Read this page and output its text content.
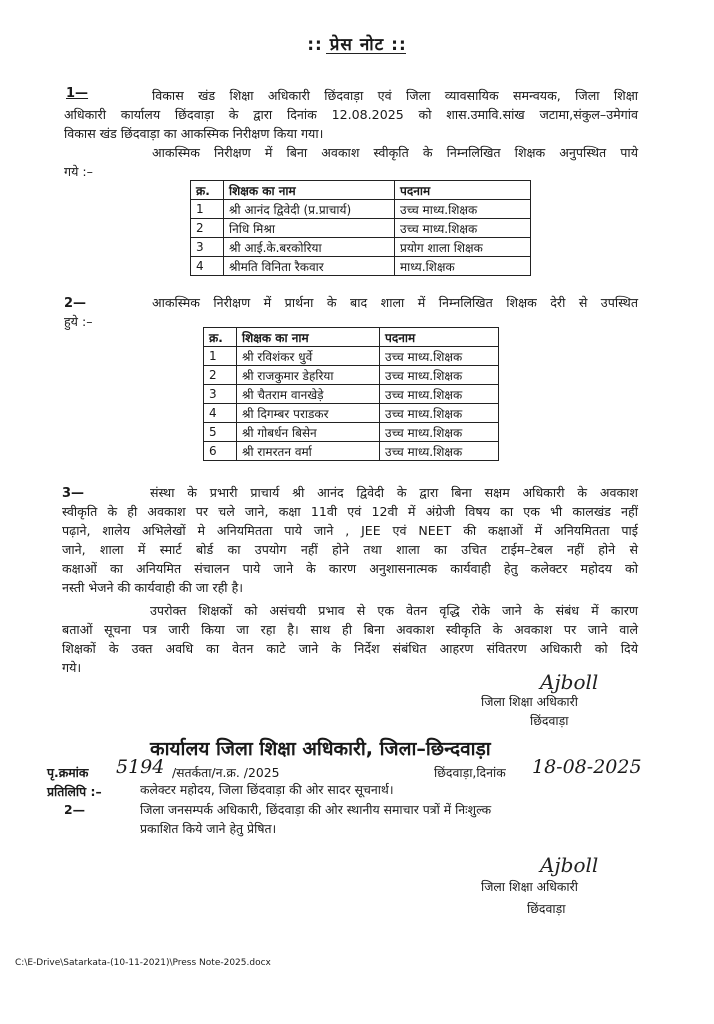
:: प्रेस नोट ::
1—	विकास खंड शिक्षा अधिकारी छिंदवाड़ा एवं जिला व्यावसायिक समन्वयक, जिला शिक्षा
अधिकारी कार्यालय छिंदवाड़ा के द्वारा दिनांक 12.08.2025 को शास.उमावि.सांख जटामा,संकुल–उमेगांव
विकास खंड छिंदवाड़ा का आकस्मिक निरीक्षण किया गया।
आकस्मिक निरीक्षण में बिना अवकाश स्वीकृति के निम्नलिखित शिक्षक अनुपस्थित पाये
गये :–
क्र.	शिक्षक का नाम	पदनाम
1	श्री आनंद द्विवेदी (प्र.प्राचार्य)	उच्च माध्य.शिक्षक
2	निधि मिश्रा	उच्च माध्य.शिक्षक
3	श्री आई.के.बरकोरिया	प्रयोग शाला शिक्षक
4	श्रीमति विनिता रैकवार	माध्य.शिक्षक
2—	आकस्मिक निरीक्षण में प्रार्थना के बाद शाला में निम्नलिखित शिक्षक देरी से उपस्थित
हुये :–
क्र.	शिक्षक का नाम	पदनाम
1	श्री रविशंकर धुर्वे	उच्च माध्य.शिक्षक
2	श्री राजकुमार डेहरिया	उच्च माध्य.शिक्षक
3	श्री चैतराम वानखेड़े	उच्च माध्य.शिक्षक
4	श्री दिगम्बर पराडकर	उच्च माध्य.शिक्षक
5	श्री गोबर्धन बिसेन	उच्च माध्य.शिक्षक
6	श्री रामरतन वर्मा	उच्च माध्य.शिक्षक
3—	संस्था के प्रभारी प्राचार्य श्री आनंद द्विवेदी के द्वारा बिना सक्षम अधिकारी के अवकाश
स्वीकृति के ही अवकाश पर चले जाने, कक्षा 11वी एवं 12वी में अंग्रेजी विषय का एक भी कालखंड नहीं
पढ़ाने, शालेय अभिलेखों मे अनियमितता पाये जाने , JEE एवं NEET की कक्षाओं में अनियमितता पाई
जाने, शाला में स्मार्ट बोर्ड का उपयोग नहीं होने तथा शाला का उचित टाईम–टेबल नहीं होने से
कक्षाओं का अनियमित संचालन पाये जाने के कारण अनुशासनात्मक कार्यवाही हेतु कलेक्टर महोदय को
नस्ती भेजने की कार्यवाही की जा रही है।
उपरोक्त शिक्षकों को असंचयी प्रभाव से एक वेतन वृद्धि रोके जाने के संबंध में कारण
बताओं सूचना पत्र जारी किया जा रहा है। साथ ही बिना अवकाश स्वीकृति के अवकाश पर जाने वाले
शिक्षकों के उक्त अवधि का वेतन काटे जाने के निर्देश संबंधित आहरण संवितरण अधिकारी को दिये
गये।
Ajboll
जिला शिक्षा अधिकारी
छिंदवाड़ा
कार्यालय जिला शिक्षा अधिकारी, जिला–छिन्दवाड़ा
पृ.क्रमांक 5194 /सतर्कता/न.क्र. /2025	छिंदवाड़ा,दिनांक 18-08-2025
प्रतिलिपि :–	कलेक्टर महोदय, जिला छिंदवाड़ा की ओर सादर सूचनार्थ।
2—	जिला जनसम्पर्क अधिकारी, छिंदवाड़ा की ओर स्थानीय समाचार पत्रों में निःशुल्क
प्रकाशित किये जाने हेतु प्रेषित।
Ajboll
जिला शिक्षा अधिकारी
छिंदवाड़ा
C:\E-Drive\Satarkata-(10-11-2021)\Press Note-2025.docx
